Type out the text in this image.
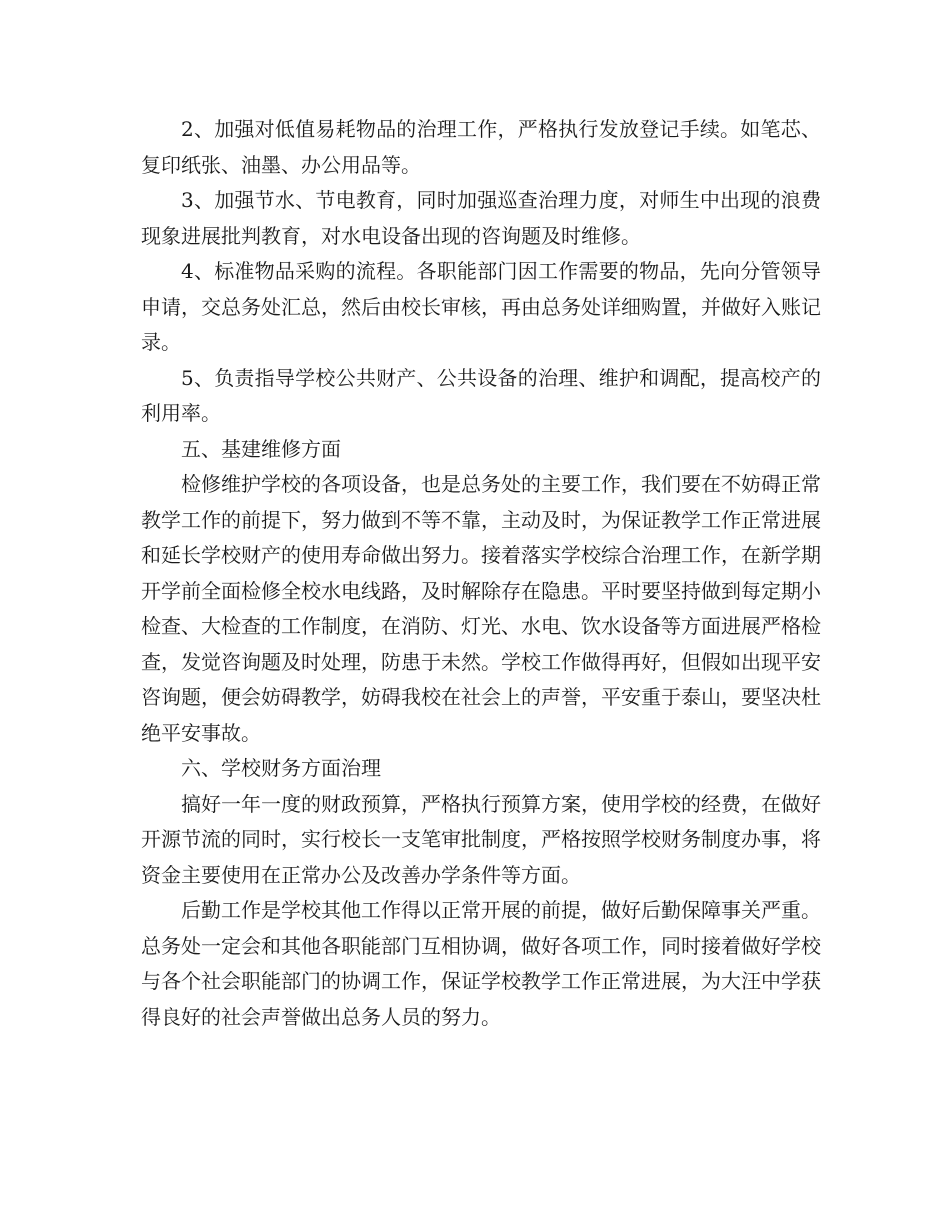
2、加强对低值易耗物品的治理工作，严格执行发放登记手续。如笔芯、复印纸张、油墨、办公用品等。

3、加强节水、节电教育，同时加强巡查治理力度，对师生中出现的浪费现象进展批判教育，对水电设备出现的咨询题及时维修。

4、标准物品采购的流程。各职能部门因工作需要的物品，先向分管领导申请，交总务处汇总，然后由校长审核，再由总务处详细购置，并做好入账记录。

5、负责指导学校公共财产、公共设备的治理、维护和调配，提高校产的利用率。

五、基建维修方面

检修维护学校的各项设备，也是总务处的主要工作，我们要在不妨碍正常教学工作的前提下，努力做到不等不靠，主动及时，为保证教学工作正常进展和延长学校财产的使用寿命做出努力。接着落实学校综合治理工作，在新学期开学前全面检修全校水电线路，及时解除存在隐患。平时要坚持做到每定期小检查、大检查的工作制度，在消防、灯光、水电、饮水设备等方面进展严格检查，发觉咨询题及时处理，防患于未然。学校工作做得再好，但假如出现平安咨询题，便会妨碍教学，妨碍我校在社会上的声誉，平安重于泰山，要坚决杜绝平安事故。

六、学校财务方面治理

搞好一年一度的财政预算，严格执行预算方案，使用学校的经费，在做好开源节流的同时，实行校长一支笔审批制度，严格按照学校财务制度办事，将资金主要使用在正常办公及改善办学条件等方面。

后勤工作是学校其他工作得以正常开展的前提，做好后勤保障事关严重。总务处一定会和其他各职能部门互相协调，做好各项工作，同时接着做好学校与各个社会职能部门的协调工作，保证学校教学工作正常进展，为大汪中学获得良好的社会声誉做出总务人员的努力。
